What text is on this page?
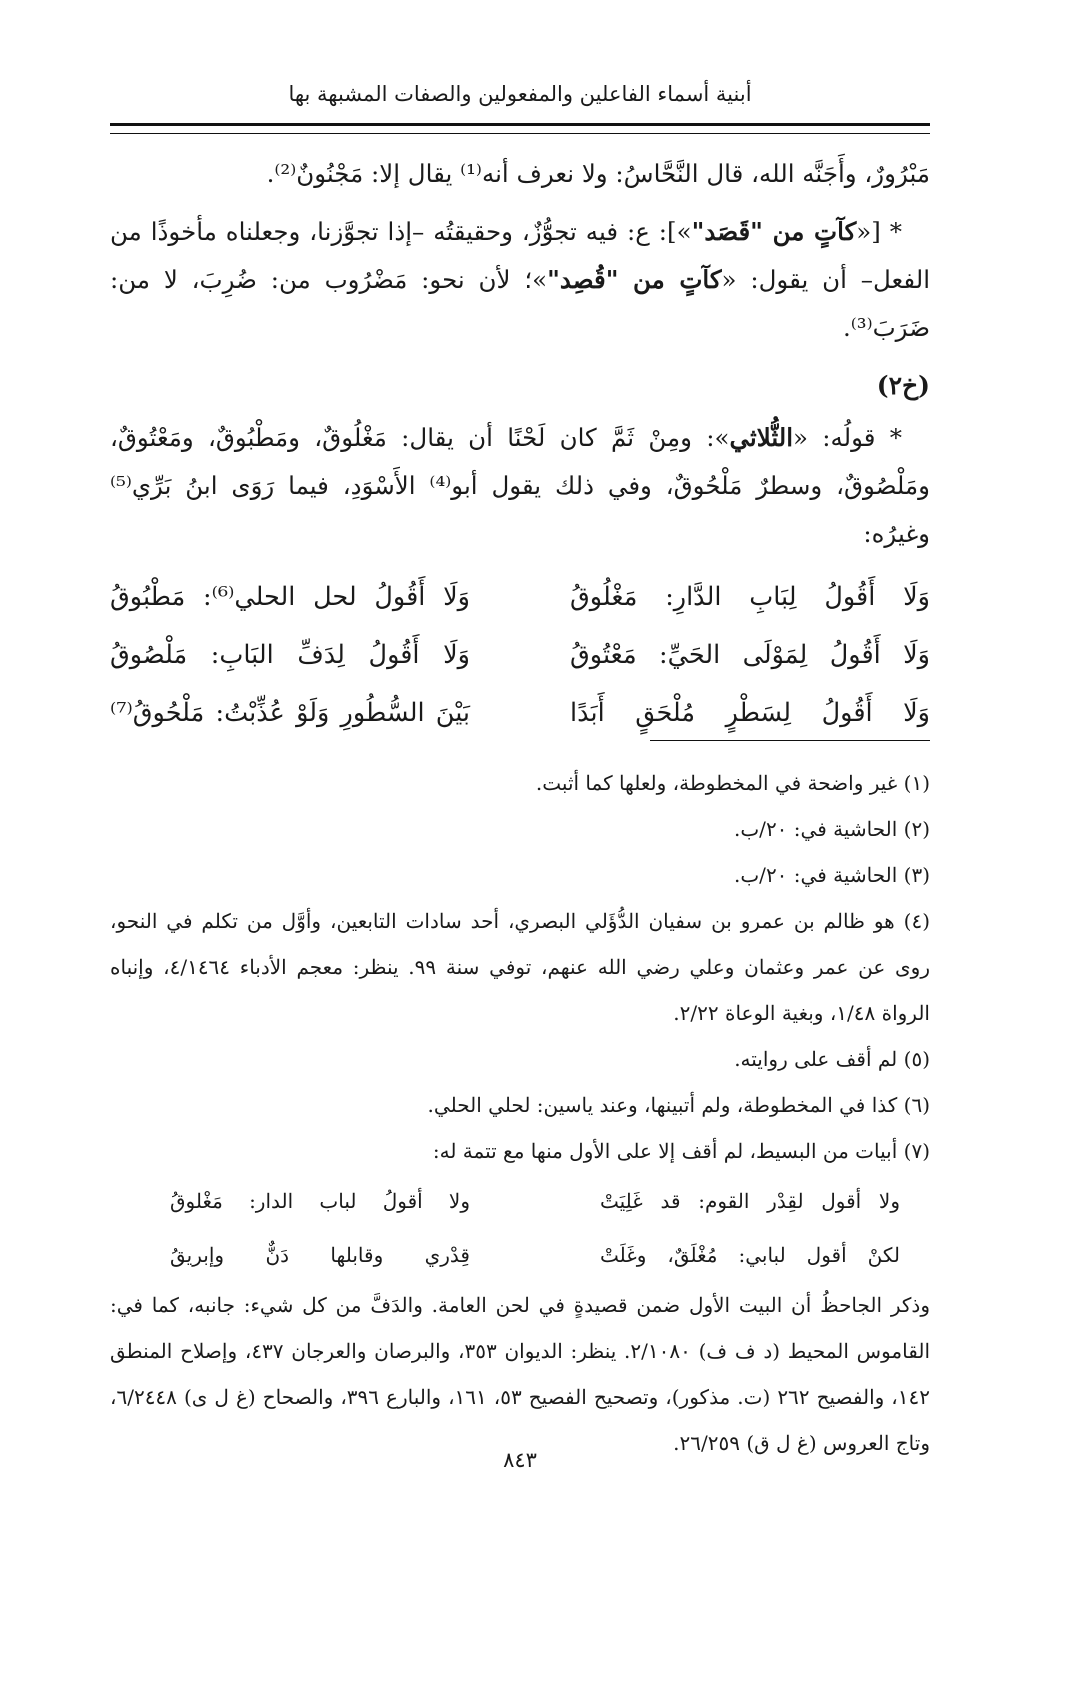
أبنية أسماء الفاعلين والمفعولين والصفات المشبهة بها

مَبْرُورٌ، وأَجَنَّه الله، قال النَّحَّاسُ: ولا نعرف أنه⁽¹⁾ يقال إلا: مَجْنُونٌ⁽²⁾.

* [«كآتٍ من "قَصَد"»]: ع: فيه تجوُّزٌ، وحقيقتُه –إذا تجوَّزنا، وجعلناه مأخوذًا من الفعل– أن يقول: «كآتٍ من "قُصِد"»؛ لأن نحو: مَضْرُوب من: ضُرِبَ، لا من: ضَرَبَ⁽³⁾.

(خ٢)

* قولُه: «الثُّلاثي»: ومِنْ ثَمَّ كان لَحْنًا أن يقال: مَغْلُوقٌ، ومَطْبُوقٌ، ومَعْتُوقٌ، ومَلْصُوقٌ، وسطرٌ مَلْحُوقٌ، وفي ذلك يقول أبو⁽⁴⁾ الأَسْوَدِ، فيما رَوَى ابنُ بَرِّي⁽⁵⁾ وغيرُه:

وَلَا أَقُولُ لِبَابِ الدَّارِ: مَغْلُوقُ
وَلَا أَقُولُ لحل الحلي⁽⁶⁾: مَطْبُوقُ
وَلَا أَقُولُ لِمَوْلَى الحَيِّ: مَعْتُوقُ
وَلَا أَقُولُ لِدَفِّ البَابِ: مَلْصُوقُ
وَلَا أَقُولُ لِسَطْرٍ مُلْحَقٍ أَبَدًا
بَيْنَ السُّطُورِ وَلَوْ عُذِّبْتُ: مَلْحُوقُ⁽⁷⁾

(١) غير واضحة في المخطوطة، ولعلها كما أثبت.

(٢) الحاشية في: ٢٠/ب.

(٣) الحاشية في: ٢٠/ب.

(٤) هو ظالم بن عمرو بن سفيان الدُّؤَلي البصري، أحد سادات التابعين، وأوَّل من تكلم في النحو، روى عن عمر وعثمان وعلي رضي الله عنهم، توفي سنة ٩٩. ينظر: معجم الأدباء ٤/١٤٦٤، وإنباه الرواة ١/٤٨، وبغية الوعاة ٢/٢٢.

(٥) لم أقف على روايته.

(٦) كذا في المخطوطة، ولم أتبينها، وعند ياسين: لحلي الحلي.

(٧) أبيات من البسيط، لم أقف إلا على الأول منها مع تتمة له:

ولا أقول لقِدْر القوم: قد غَلِيَتْ
ولا أقولُ لباب الدار: مَغْلوقُ
لكنْ أقول لبابي: مُغْلَقٌ، وغَلَتْ
قِدْري وقابلها دَنٌّ وإبريقُ

وذكر الجاحظُ أن البيت الأول ضمن قصيدةٍ في لحن العامة. والدَفَّ من كل شيء: جانبه، كما في: القاموس المحيط (د ف ف) ٢/١٠٨٠. ينظر: الديوان ٣٥٣، والبرصان والعرجان ٤٣٧، وإصلاح المنطق ١٤٢، والفصيح ٢٦٢ (ت. مذكور)، وتصحيح الفصيح ٥٣، ١٦١، والبارع ٣٩٦، والصحاح (غ ل ى) ٦/٢٤٤٨، وتاج العروس (غ ل ق) ٢٦/٢٥٩.

٨٤٣
